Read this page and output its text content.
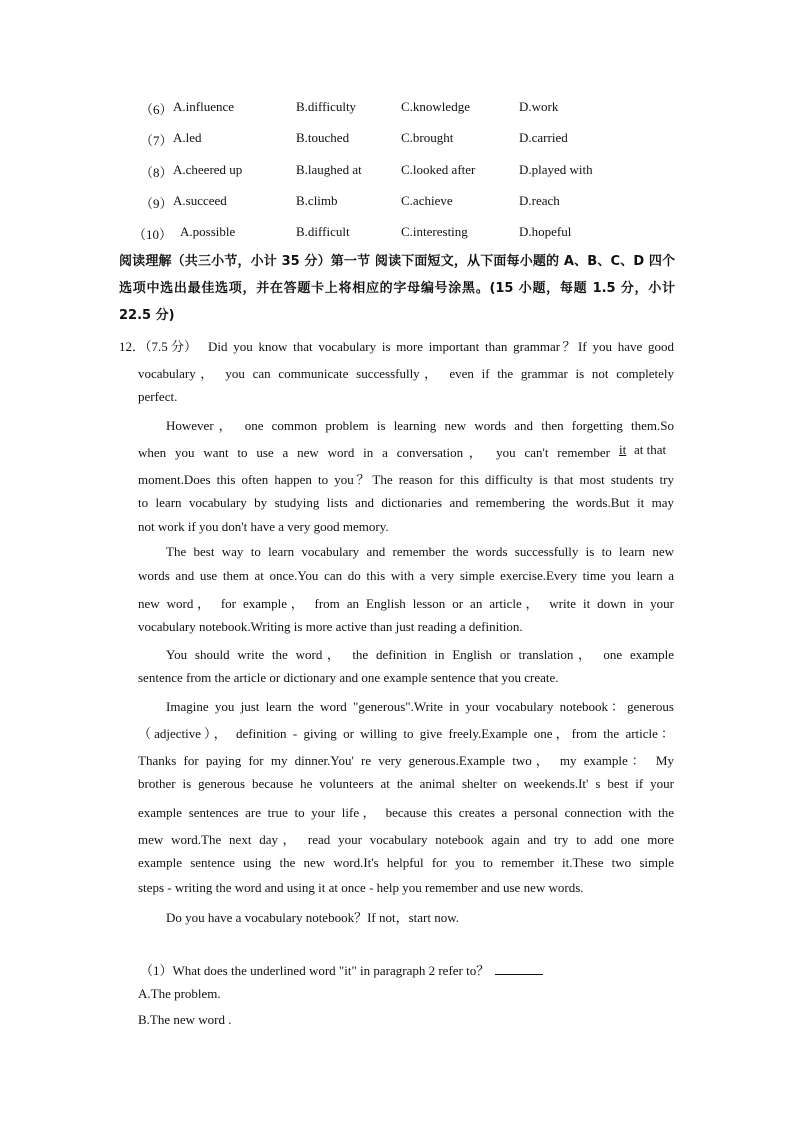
（6） A.influence	B.difficulty	C.knowledge	D.work
（7） A.led	B.touched	C.brought	D.carried
（8） A.cheered up	B.laughed at	C.looked after	D.played with
（9） A.succeed	B.climb	C.achieve	D.reach
（10） A.possible	B.difficult	C.interesting	D.hopeful
阅读理解（共三小节，小计 35 分）第一节 阅读下面短文，从下面每小题的 A、B、C、D 四个选项中选出最佳选项，并在答题卡上将相应的字母编号涂黑。(15 小题，每题 1.5 分，小计 22.5 分)
12．（7.5 分） Did you know that vocabulary is more important than grammar？If you have good
vocabulary， you can communicate successfully， even if the grammar is not completely
perfect.
However， one common problem is learning new words and then forgetting them.So
when you want to use a new word in a conversation， you can't remember it at that
moment.Does this often happen to you？The reason for this difficulty is that most students try
to learn vocabulary by studying lists and dictionaries and remembering the words.But it may
not work if you don't have a very good memory.
The best way to learn vocabulary and remember the words successfully is to learn new
words and use them at once.You can do this with a very simple exercise.Every time you learn a
new word， for example， from an English lesson or an article， write it down in your
vocabulary notebook.Writing is more active than just reading a definition.
You should write the word， the definition in English or translation， one example
sentence from the article or dictionary and one example sentence that you create.
Imagine you just learn the word "generous".Write in your vocabulary notebook：generous
（adjective）， definition - giving or willing to give freely.Example one，from the article：
Thanks for paying for my dinner.You' re very generous.Example two， my example： My
brother is generous because he volunteers at the animal shelter on weekends.It' s best if your
example sentences are true to your life， because this creates a personal connection with the
mew word.The next day， read your vocabulary notebook again and try to add one more
example sentence using the new word.It's helpful for you to remember it.These two simple
steps - writing the word and using it at once - help you remember and use new words.
Do you have a vocabulary notebook？If not，start now.
（1）What does the underlined word "it" in paragraph 2 refer to？
A.The problem.
B.The new word .
